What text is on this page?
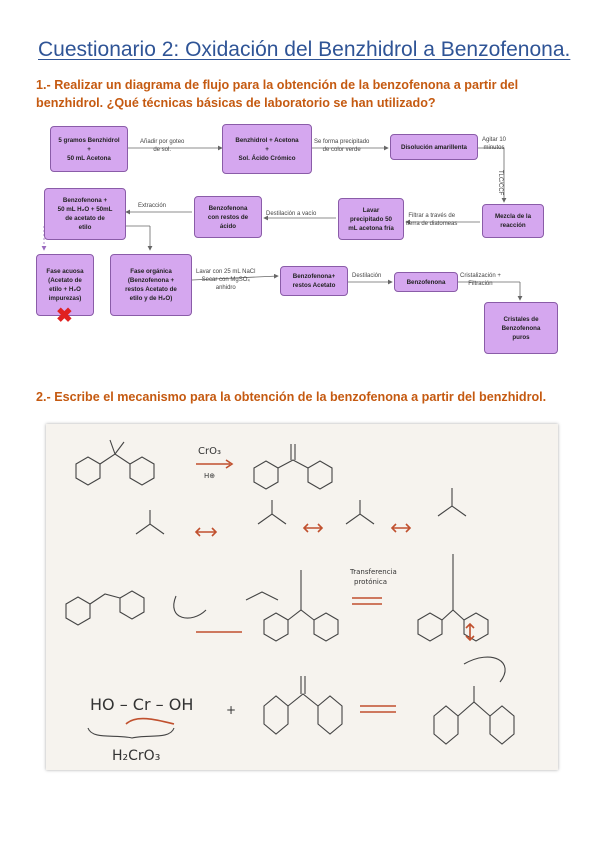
Cuestionario 2: Oxidación del Benzhidrol a Benzofenona.
1.- Realizar un diagrama de flujo para la obtención de la benzofenona a partir del benzhidrol. ¿Qué técnicas básicas de laboratorio se han utilizado?
5 gramos Benzhidrol
+
50 mL Acetona
Benzhidrol + Acetona
+
Sol. Ácido Crómico
Disolución amarillenta
Mezcla de la
reacción
Lavar
precipitado 50
mL acetona fría
Benzofenona
con restos de
ácido
Benzofenona +
50 mL H₂O + 50mL
de acetato de
etilo
Fase acuosa
(Acetato de
etilo + H₂O
impurezas)
Fase orgánica
(Benzofenona +
restos Acetato de
etilo y de H₂O)
Benzofenona+
restos Acetato	Benzofenona
Cristales de
Benzofenona
puros
Añadir por goteo
de sol.
Se forma precipitado
de color verde
Agitar 10
minutos
TLC/CCF
Filtrar a través de
tierra de diatomeas
Destilación a vacío
Extracción
Lavar con 25 mL NaCl
Secar con MgSO₄
anhidro
Destilación	Cristalización +
Filtración
✖
2.- Escribe el mecanismo para la obtención de la benzofenona a partir del benzhidrol.
CrO₃
H⊕
Transferencia
protónica
HO – Cr – OH
H₂CrO₃
+
